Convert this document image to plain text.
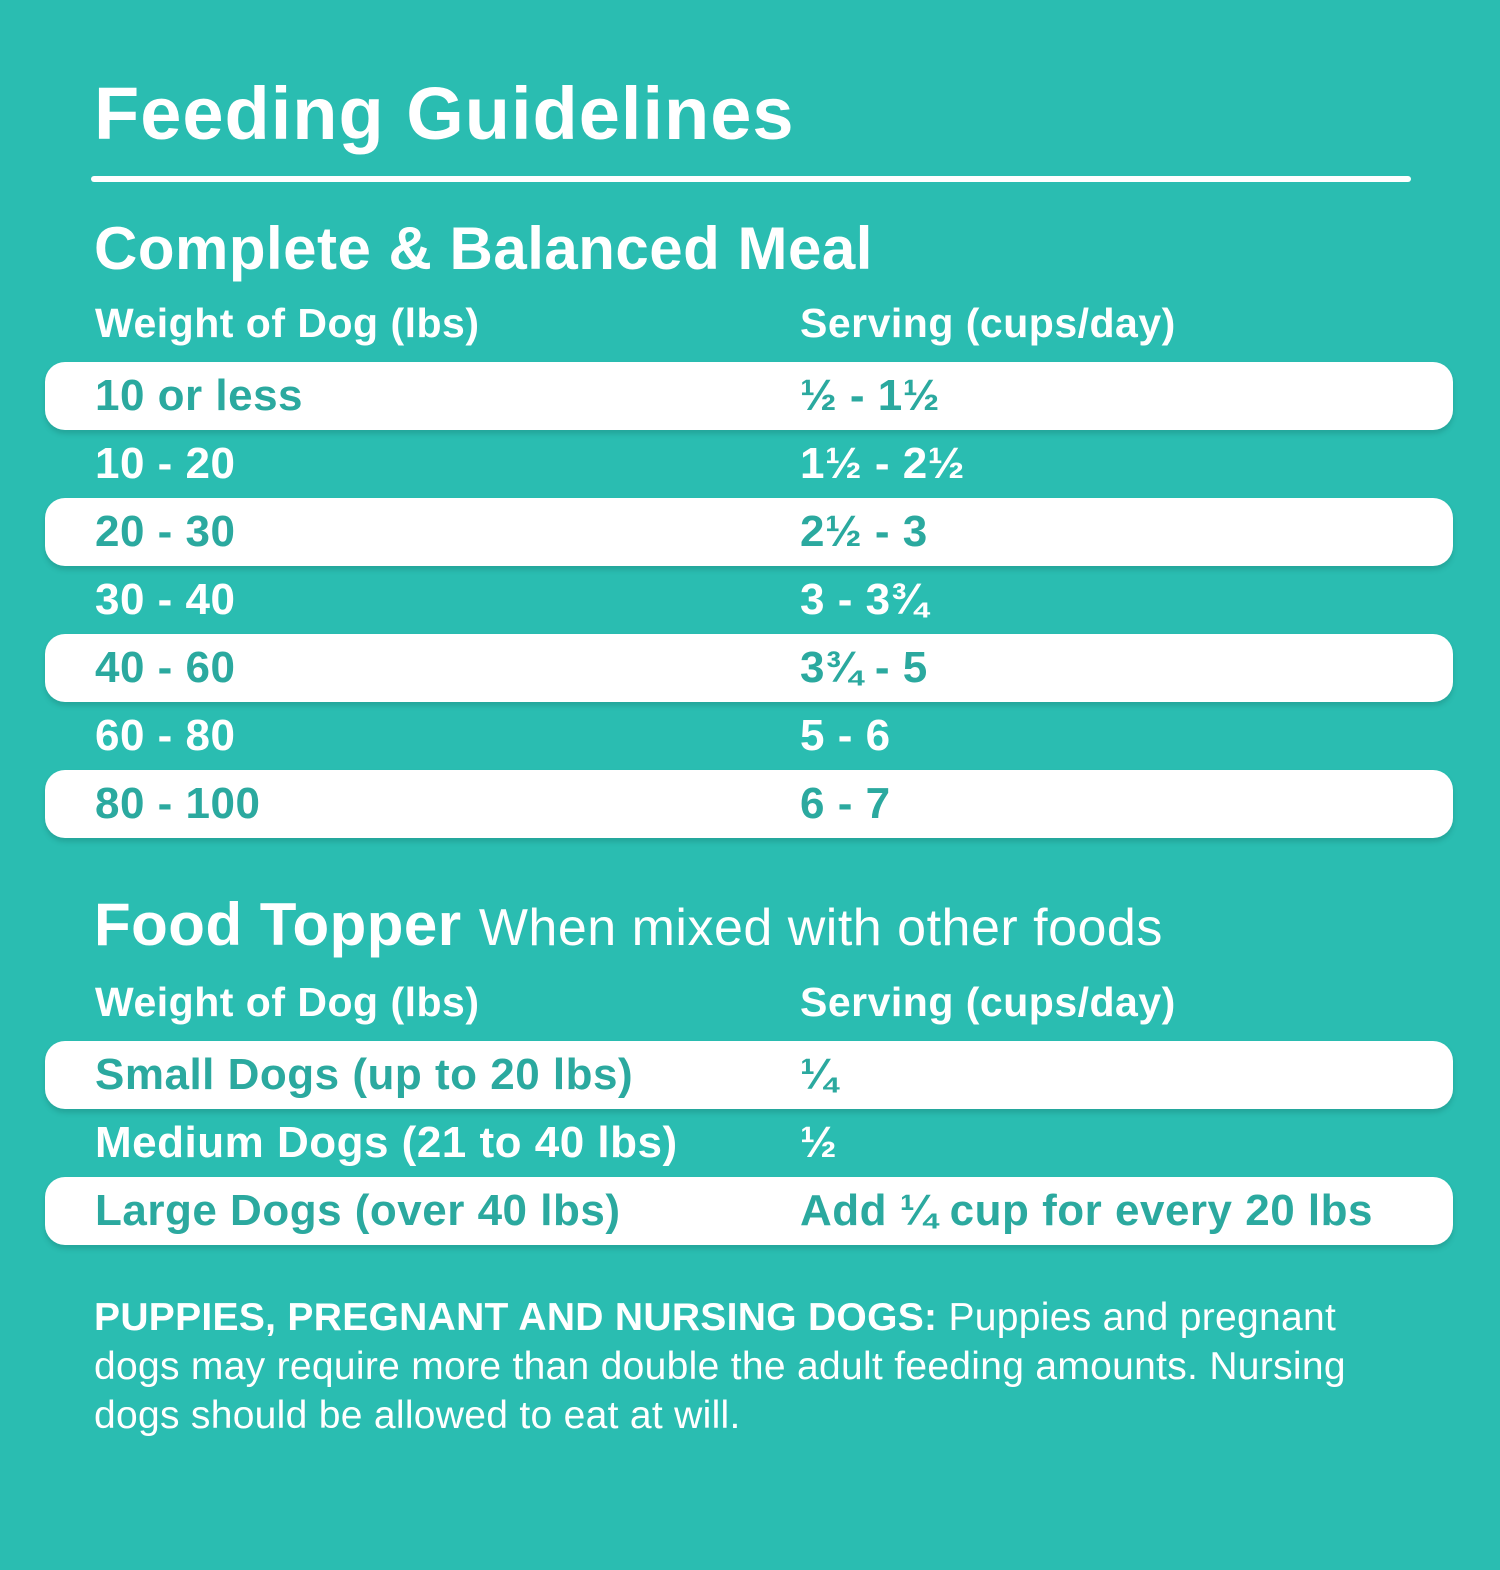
Feeding Guidelines
Complete & Balanced Meal
Weight of Dog (lbs)	Serving (cups/day)
10 or less	½ - 1½
10 - 20	1½ - 2½
20 - 30	2½ - 3
30 - 40	3 - 3¾
40 - 60	3¾ - 5
60 - 80	5 - 6
80 - 100	6 - 7
Food Topper When mixed with other foods
Weight of Dog (lbs)	Serving (cups/day)
Small Dogs (up to 20 lbs)	¼
Medium Dogs (21 to 40 lbs)	½
Large Dogs (over 40 lbs)	Add ¼ cup for every 20 lbs

PUPPIES, PREGNANT AND NURSING DOGS: Puppies and pregnant dogs may require more than double the adult feeding amounts. Nursing dogs should be allowed to eat at will.
